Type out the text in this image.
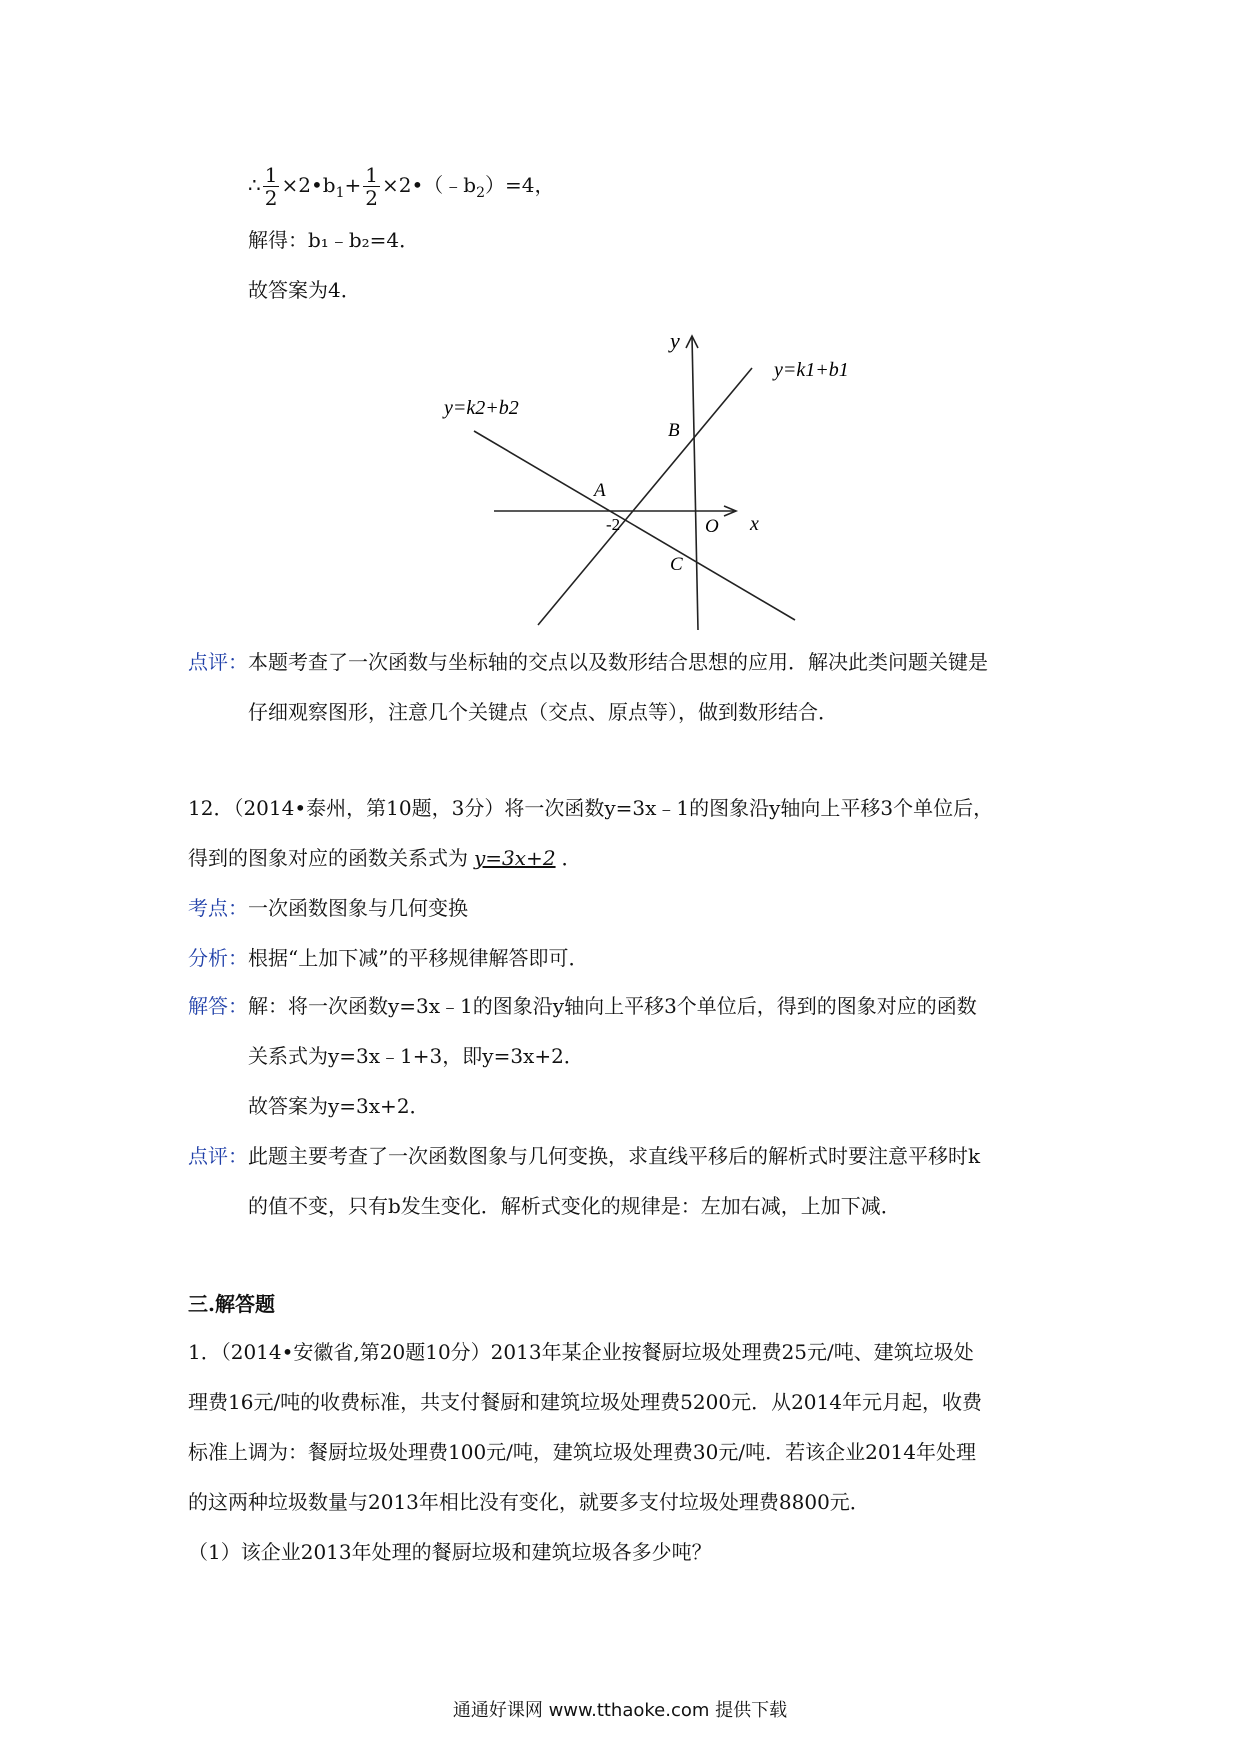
∴ $\frac{1}{2}$ $\times 2•b_1+ \frac{1}{2}$ $\times 2•(﹣b_2)=4$，
解得：b₁﹣b₂=4．
故答案为4．
y
x
y=k1+b1
y=k2+b2
A
B
C
O
-2
点评：本题考查了一次函数与坐标轴的交点以及数形结合思想的应用．解决此类问题关键是
仔细观察图形，注意几个关键点（交点、原点等），做到数形结合．
12．（2014•泰州，第10题，3分）将一次函数y=3x﹣1的图象沿y轴向上平移3个单位后，
得到的图象对应的函数关系式为 y=3x+2 ．
考点：一次函数图象与几何变换
分析：根据“上加下减”的平移规律解答即可．
解答：解：将一次函数y=3x﹣1的图象沿y轴向上平移3个单位后，得到的图象对应的函数
关系式为y=3x﹣1+3，即y=3x+2．
故答案为y=3x+2．
点评：此题主要考查了一次函数图象与几何变换，求直线平移后的解析式时要注意平移时k
的值不变，只有b发生变化．解析式变化的规律是：左加右减，上加下减．
三.解答题
1．（2014•安徽省,第20题10分）2013年某企业按餐厨垃圾处理费25元/吨、建筑垃圾处
理费16元/吨的收费标准，共支付餐厨和建筑垃圾处理费5200元．从2014年元月起，收费
标准上调为：餐厨垃圾处理费100元/吨，建筑垃圾处理费30元/吨．若该企业2014年处理
的这两种垃圾数量与2013年相比没有变化，就要多支付垃圾处理费8800元．
（1）该企业2013年处理的餐厨垃圾和建筑垃圾各多少吨？
通通好课网 www.tthaoke.com 提供下载
